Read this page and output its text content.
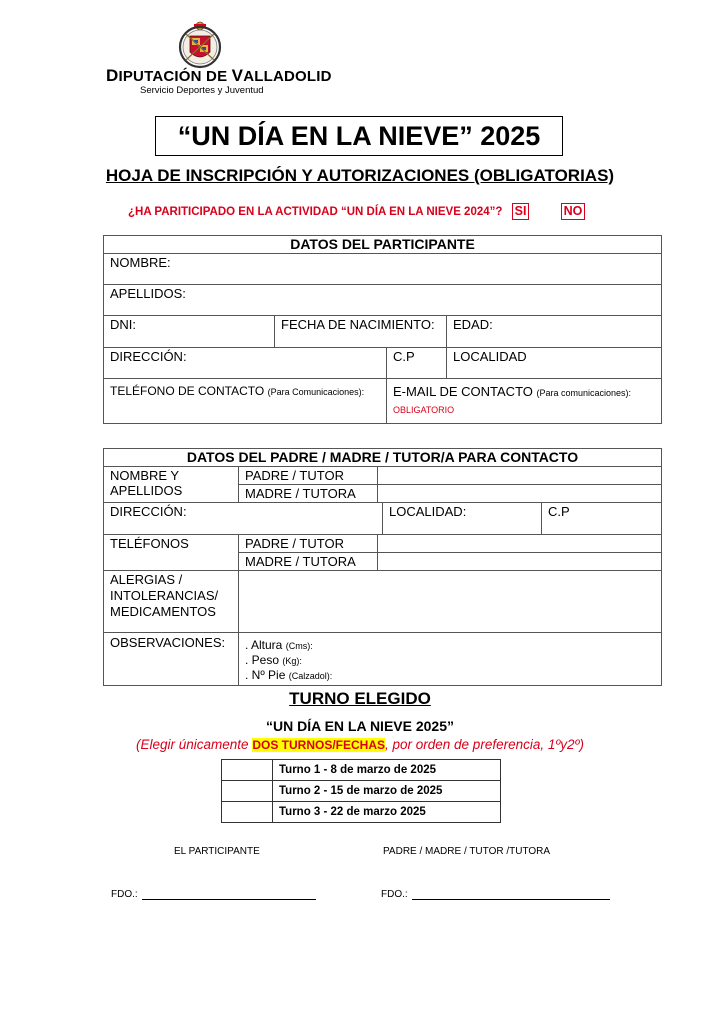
DIPUTACIÓN DE VALLADOLID
Servicio Deportes y Juventud
“UN DÍA EN LA NIEVE” 2025
HOJA DE INSCRIPCIÓN Y AUTORIZACIONES (OBLIGATORIAS)
¿HA PARITICIPADO EN LA ACTIVIDAD “UN DÍA EN LA NIEVE 2024”? SI	NO
DATOS DEL PARTICIPANTE			
NOMBRE:			
APELLIDOS:			
DNI:	FECHA DE NACIMIENTO:		EDAD:
DIRECCIÓN:		C.P	LOCALIDAD
TELÉFONO DE CONTACTO (Para Comunicaciones):		E-MAIL DE CONTACTO (Para comunicaciones):
OBLIGATORIO	
DATOS DEL PADRE / MADRE / TUTOR/A PARA CONTACTO				
NOMBRE Y APELLIDOS	PADRE / TUTOR			
	MADRE / TUTORA			
DIRECCIÓN:			LOCALIDAD:	C.P
TELÉFONOS	PADRE / TUTOR			
	MADRE / TUTORA			
ALERGIAS / INTOLERANCIAS/ MEDICAMENTOS				
OBSERVACIONES:	. Altura (Cms):
. Peso (Kg):
. Nº Pie (Calzadol):			
TURNO ELEGIDO
“UN DÍA EN LA NIEVE 2025”
(Elegir únicamente DOS TURNOS/FECHAS, por orden de preferencia, 1ºy2º)
	Turno 1 - 8 de marzo de 2025
	Turno 2 - 15 de marzo de 2025
	Turno 3 - 22 de marzo 2025
EL PARTICIPANTE	PADRE / MADRE / TUTOR /TUTORA
FDO.:	FDO.:
